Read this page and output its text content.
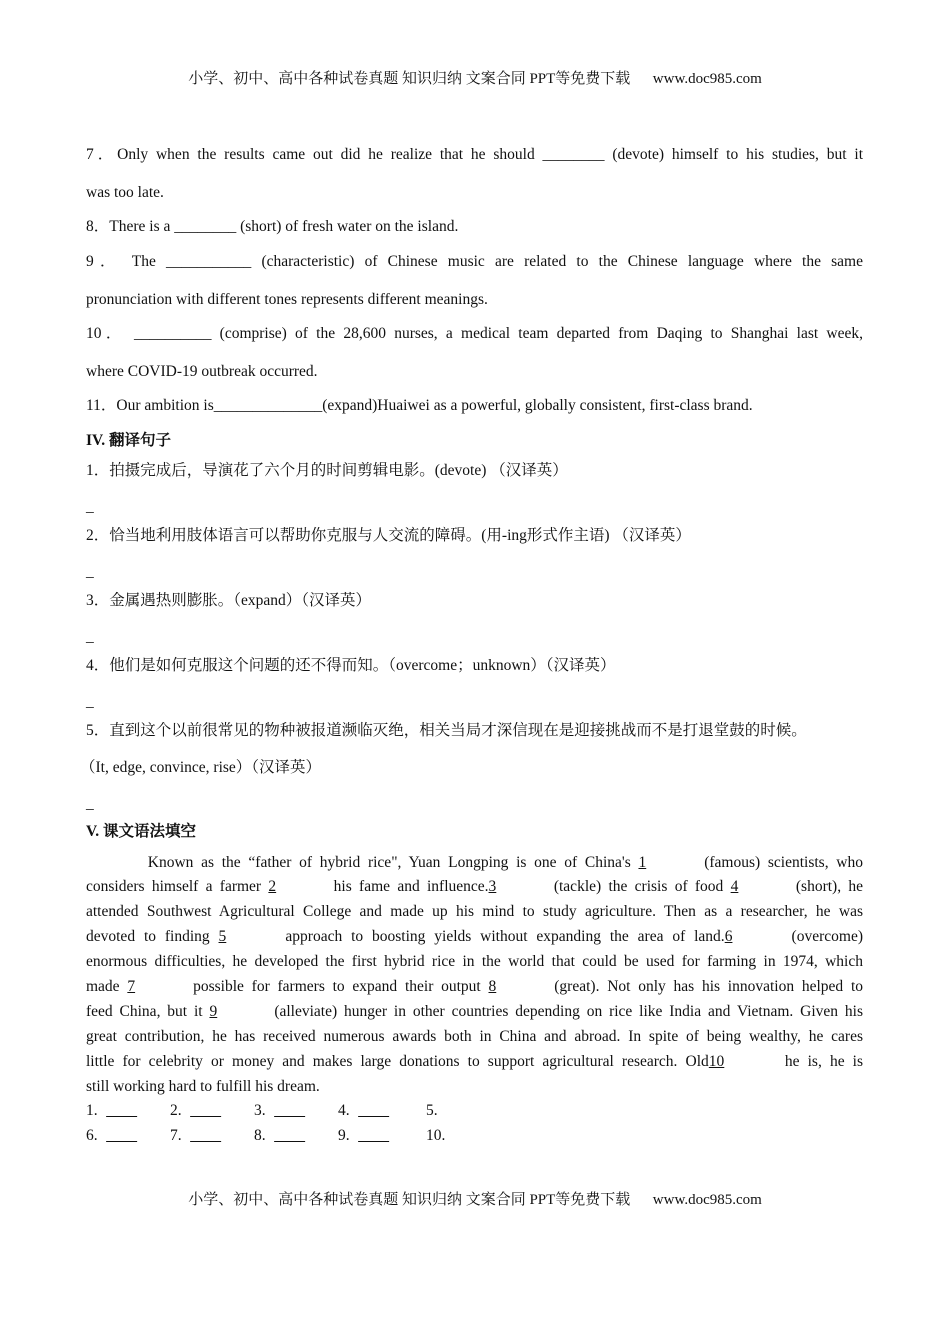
小学、初中、高中各种试卷真题 知识归纳 文案合同 PPT等免费下载 www.doc985.com
7．Only when the results came out did he realize that he should ________ (devote) himself to his studies, but it
was too late.
8．There is a ________ (short) of fresh water on the island.
9． The ___________ (characteristic) of Chinese music are related to the Chinese language where the same
pronunciation with different tones represents different meanings.
10． __________ (comprise) of the 28,600 nurses, a medical team departed from Daqing to Shanghai last week,
where COVID-19 outbreak occurred.
11．Our ambition is______________(expand)Huaiwei as a powerful, globally consistent, first-class brand.
IV. 翻译句子
1．拍摄完成后，导演花了六个月的时间剪辑电影。(devote) （汉译英）
_
2．恰当地利用肢体语言可以帮助你克服与人交流的障碍。(用-ing形式作主语) （汉译英）
_
3．金属遇热则膨胀。（expand）（汉译英）
_
4．他们是如何克服这个问题的还不得而知。（overcome；unknown）（汉译英）
_
5．直到这个以前很常见的物种被报道濒临灭绝，相关当局才深信现在是迎接挑战而不是打退堂鼓的时候。
（It, edge, convince, rise）（汉译英）
_
V. 课文语法填空
Known as the “father of hybrid rice", Yuan Longping is one of China's 1	(famous) scientists, who
considers himself a farmer 2	his fame and influence.3	(tackle) the crisis of food 4	(short), he
attended Southwest Agricultural College and made up his mind to study agriculture. Then as a researcher, he was
devoted to finding 5	approach to boosting yields without expanding the area of land.6	(overcome)
enormous difficulties, he developed the first hybrid rice in the world that could be used for farming in 1974, which
made 7	possible for farmers to expand their output 8	(great). Not only has his innovation helped to
feed China, but it 9	(alleviate) hunger in other countries depending on rice like India and Vietnam. Given his
great contribution, he has received numerous awards both in China and abroad. In spite of being wealthy, he cares
little for celebrity or money and makes large donations to support agricultural research. Old10	he is, he is
still working hard to fulfill his dream.
1.	2.	3.	4.	5.
6.	7.	8.	9.	10.
小学、初中、高中各种试卷真题 知识归纳 文案合同 PPT等免费下载 www.doc985.com
